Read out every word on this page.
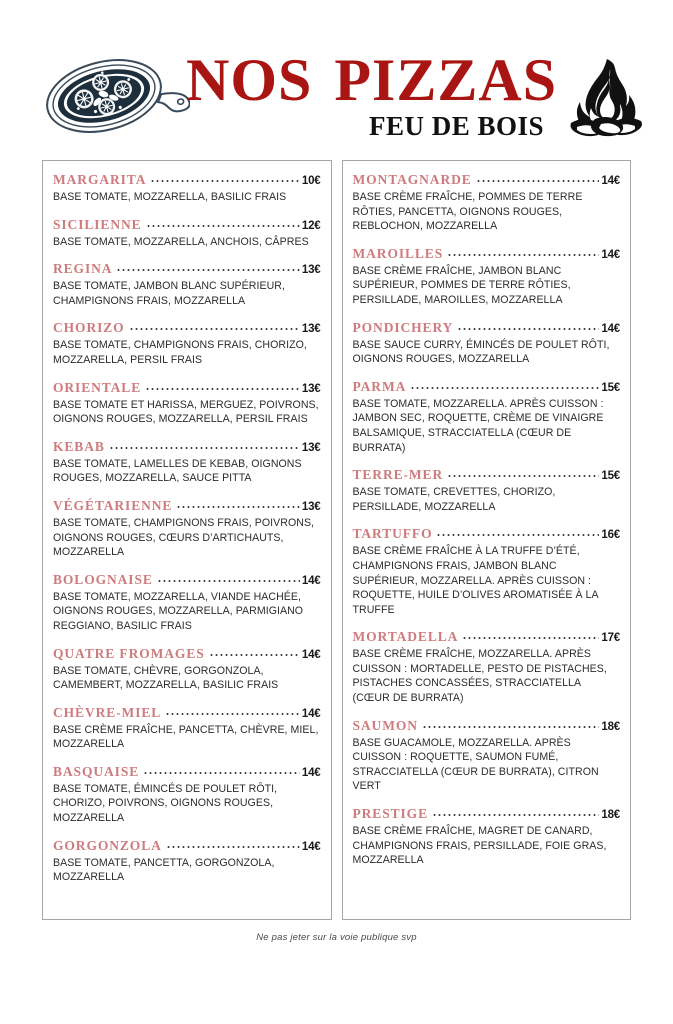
NOS PIZZAS
FEU DE BOIS
MARGARITA	10€
BASE TOMATE, MOZZARELLA, BASILIC FRAIS
SICILIENNE	12€
BASE TOMATE, MOZZARELLA, ANCHOIS, CÂPRES
REGINA	13€
BASE TOMATE, JAMBON BLANC SUPÉRIEUR, CHAMPIGNONS FRAIS, MOZZARELLA
CHORIZO	13€
BASE TOMATE, CHAMPIGNONS FRAIS, CHORIZO, MOZZARELLA, PERSIL FRAIS
ORIENTALE	13€
BASE TOMATE ET HARISSA, MERGUEZ, POIVRONS, OIGNONS ROUGES, MOZZARELLA, PERSIL FRAIS
KEBAB	13€
BASE TOMATE, LAMELLES DE KEBAB, OIGNONS ROUGES, MOZZARELLA, SAUCE PITTA
VÉGÉTARIENNE	13€
BASE TOMATE, CHAMPIGNONS FRAIS, POIVRONS, OIGNONS ROUGES, CŒURS D’ARTICHAUTS, MOZZARELLA
BOLOGNAISE	14€
BASE TOMATE, MOZZARELLA, VIANDE HACHÉE, OIGNONS ROUGES, MOZZARELLA, PARMIGIANO REGGIANO, BASILIC FRAIS
QUATRE FROMAGES	14€
BASE TOMATE, CHÈVRE, GORGONZOLA, CAMEMBERT, MOZZARELLA, BASILIC FRAIS
CHÈVRE-MIEL	14€
BASE CRÈME FRAÎCHE, PANCETTA, CHÈVRE, MIEL, MOZZARELLA
BASQUAISE	14€
BASE TOMATE, ÉMINCÉS DE POULET RÔTI, CHORIZO, POIVRONS, OIGNONS ROUGES, MOZZARELLA
GORGONZOLA	14€
BASE TOMATE, PANCETTA, GORGONZOLA, MOZZARELLA
MONTAGNARDE	14€
BASE CRÈME FRAÎCHE, POMMES DE TERRE RÔTIES, PANCETTA, OIGNONS ROUGES, REBLOCHON, MOZZARELLA
MAROILLES	14€
BASE CRÈME FRAÎCHE, JAMBON BLANC SUPÉRIEUR, POMMES DE TERRE RÔTIES, PERSILLADE, MAROILLES, MOZZARELLA
PONDICHERY	14€
BASE SAUCE CURRY, ÉMINCÉS DE POULET RÔTI, OIGNONS ROUGES, MOZZARELLA
PARMA	15€
BASE TOMATE, MOZZARELLA. APRÈS CUISSON : JAMBON SEC, ROQUETTE, CRÈME DE VINAIGRE BALSAMIQUE, STRACCIATELLA (CŒUR DE BURRATA)
TERRE-MER	15€
BASE TOMATE, CREVETTES, CHORIZO, PERSILLADE, MOZZARELLA
TARTUFFO	16€
BASE CRÈME FRAÎCHE À LA TRUFFE D’ÉTÉ, CHAMPIGNONS FRAIS, JAMBON BLANC SUPÉRIEUR, MOZZARELLA. APRÈS CUISSON : ROQUETTE, HUILE D’OLIVES AROMATISÉE À LA TRUFFE
MORTADELLA	17€
BASE CRÈME FRAÎCHE, MOZZARELLA. APRÈS CUISSON : MORTADELLE, PESTO DE PISTACHES, PISTACHES CONCASSÉES, STRACCIATELLA (CŒUR DE BURRATA)
SAUMON	18€
BASE GUACAMOLE, MOZZARELLA. APRÈS CUISSON : ROQUETTE, SAUMON FUMÉ, STRACCIATELLA (CŒUR DE BURRATA), CITRON VERT
PRESTIGE	18€
BASE CRÈME FRAÎCHE, MAGRET DE CANARD, CHAMPIGNONS FRAIS, PERSILLADE, FOIE GRAS, MOZZARELLA
Ne pas jeter sur la voie publique svp
